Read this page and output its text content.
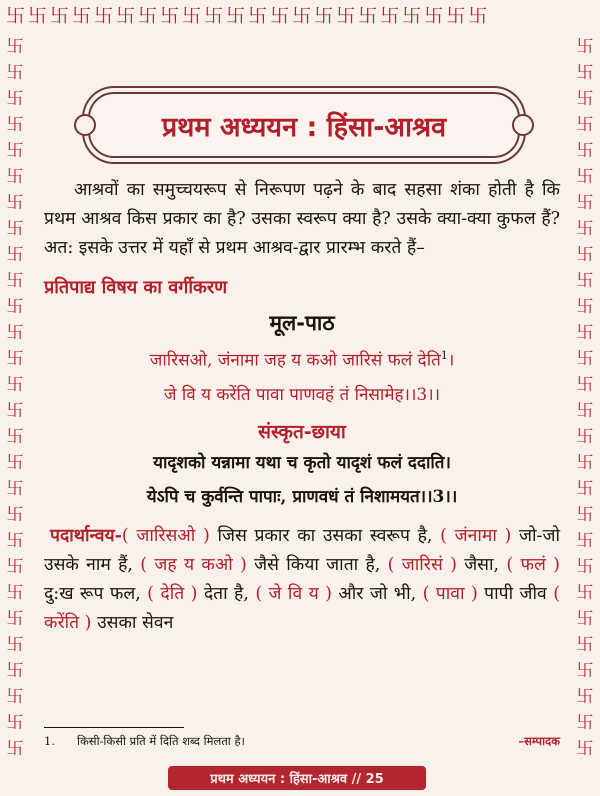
卐卐卐卐卐卐卐卐卐卐卐卐卐卐卐卐卐卐卐卐卐卐
卐
卐
卐
卐
卐
卐
卐
卐
卐
卐
卐
卐
卐
卐
卐
卐
卐
卐
卐
卐
卐
卐
卐
卐
卐
卐
卐
卐
卐
卐
卐
卐
卐
卐
卐
卐
卐
卐
卐
卐
卐
卐
卐
卐
卐
卐
卐
卐
卐
卐
卐
卐
卐
卐
卐
卐
प्रथम अध्ययन : हिंसा-आश्रव

आश्रवों का समुच्चयरूप से निरूपण पढ़ने के बाद सहसा शंका होती है कि प्रथम आश्रव किस प्रकार का है? उसका स्वरूप क्या है? उसके क्या-क्या कुफल हैं? अत: इसके उत्तर में यहाँ से प्रथम आश्रव-द्वार प्रारम्भ करते हैं–

प्रतिपाद्य विषय का वर्गीकरण
मूल-पाठ
जारिसओ, जंनामा जह य कओ जारिसं फलं देति$^1$।
जे वि य करेंति पावा पाणवहं तं निसामेह।।3।।
संस्कृत-छाया
यादृशको यन्नामा यथा च कृतो यादृशं फलं ददाति।
येऽपि च कुर्वन्ति पापाः, प्राणवधं तं निशामयत।।3।।
पदार्थान्वय-( जारिसओ ) जिस प्रकार का उसका स्वरूप है, ( जंनामा ) जो-जो उसके नाम हैं, ( जह य कओ ) जैसे किया जाता है, ( जारिसं ) जैसा, ( फलं ) दु:ख रूप फल, ( देति ) देता है, ( जे वि य ) और जो भी, ( पावा ) पापी जीव ( करेंति ) उसका सेवन
1. किसी-किसी प्रति में दिति शब्द मिलता है।	–सम्पादक
प्रथम अध्ययन : हिंसा-आश्रव // 25
